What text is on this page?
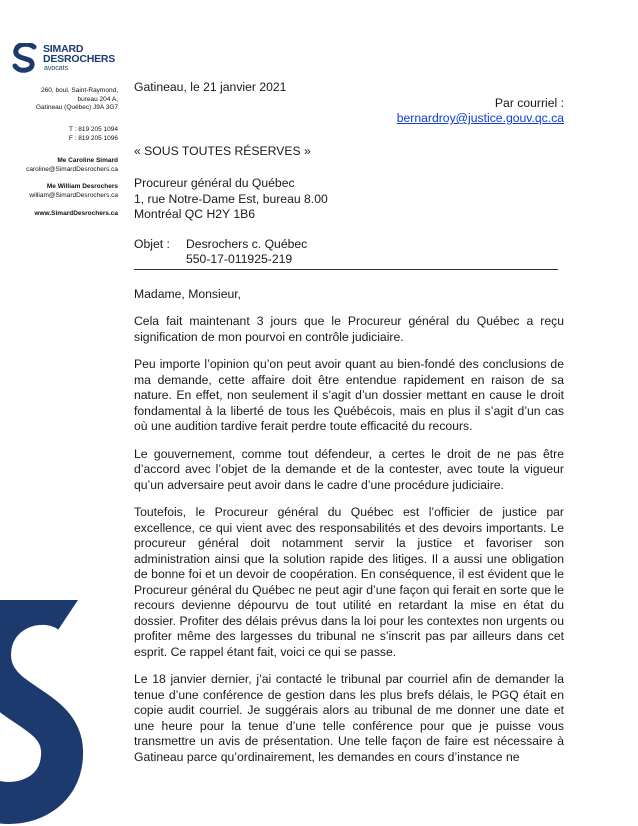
SIMARD
DESROCHERS
avocats
260, boul. Saint-Raymond,
bureau 204 A,
Gatineau (Québec) J9A 3G7
T : 819 205 1094
F : 819 205 1096
Me Caroline Simard
caroline@SimardDesrochers.ca
Me William Desrochers
william@SimardDesrochers.ca
www.SimardDesrochers.ca

Gatineau, le 21 janvier 2021

Par courriel :

bernardroy@justice.gouv.qc.ca

« SOUS TOUTES RÉSERVES »

Procureur général du Québec

1, rue Notre-Dame Est, bureau 8.00

Montréal QC H2Y 1B6

Objet :	Desrochers c. Québec
550-17-011925-219

Madame, Monsieur,

Cela fait maintenant 3 jours que le Procureur général du Québec a reçu signification de mon pourvoi en contrôle judiciaire.

Peu importe l’opinion qu’on peut avoir quant au bien-fondé des conclusions de ma demande, cette affaire doit être entendue rapidement en raison de sa nature. En effet, non seulement il s’agit d’un dossier mettant en cause le droit fondamental à la liberté de tous les Québécois, mais en plus il s’agit d’un cas où une audition tardive ferait perdre toute efficacité du recours.

Le gouvernement, comme tout défendeur, a certes le droit de ne pas être d’accord avec l’objet de la demande et de la contester, avec toute la vigueur qu’un adversaire peut avoir dans le cadre d’une procédure judiciaire.

Toutefois, le Procureur général du Québec est l’officier de justice par excellence, ce qui vient avec des responsabilités et des devoirs importants. Le procureur général doit notamment servir la justice et favoriser son administration ainsi que la solution rapide des litiges. Il a aussi une obligation de bonne foi et un devoir de coopération. En conséquence, il est évident que le Procureur général du Québec ne peut agir d’une façon qui ferait en sorte que le recours devienne dépourvu de tout utilité en retardant la mise en état du dossier. Profiter des délais prévus dans la loi pour les contextes non urgents ou profiter même des largesses du tribunal ne s’inscrit pas par ailleurs dans cet esprit. Ce rappel étant fait, voici ce qui se passe.

Le 18 janvier dernier, j’ai contacté le tribunal par courriel afin de demander la tenue d’une conférence de gestion dans les plus brefs délais, le PGQ était en copie audit courriel. Je suggérais alors au tribunal de me donner une date et une heure pour la tenue d’une telle conférence pour que je puisse vous transmettre un avis de présentation. Une telle façon de faire est nécessaire à Gatineau parce qu’ordinairement, les demandes en cours d’instance ne
